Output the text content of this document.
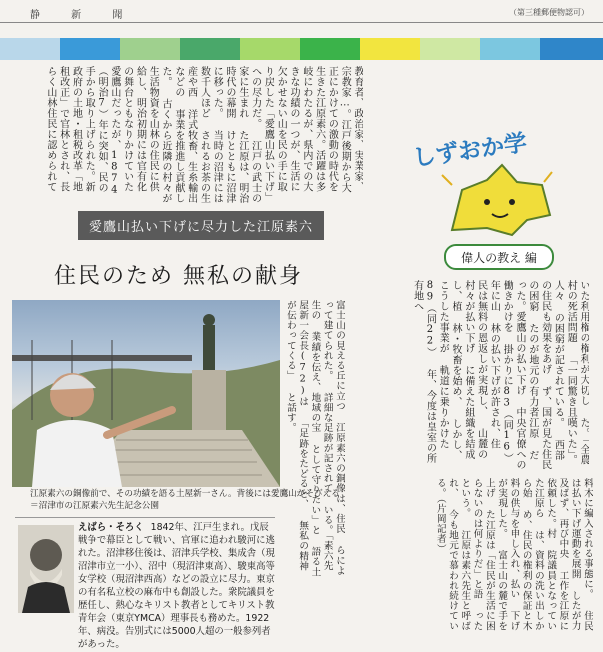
静 新 聞	（第三種郵便物認可）
教育者、政治家、実業家、 宗教家…。江戸後期から大 正にかけての激動の時代を 生きた江原素六。活躍は多 岐にわたるが、県内での大 きな功績の一つが、生活に 欠かせない山を民の手に取 り戻した「愛鷹山払い下げ」 への尽力だ。 江戸の武士の家に生まれ た江原は、明治時代の幕開 けとともに沼津に移った。 当時の沼津には数千人ほど されるお茶の生産や西 洋式牧畜、生糸輸出などの 事業を推進し貢献した。 古くから近隣の村々が 生活物資を山林の住民に供 給し、明治初期には官有化 の舞台ともなりかけていた 愛鷹山だったが、1874 （明治7）年に突如、民の 手から取り上げられた。新 政府の土地・租税改革「地 租改正」で官林とされ、長 らく山林住民に認められて
愛鷹山払い下げに尽力した江原素六
しずおか学
偉人の教え 編
いた利用権の権利が大切し た。「全農村の死活問題 「一同驚き且嘆いた」。人々 の困窮が記されている。 西部の住民も効果をあげ ず、国が見た住民の困窮 たのが地元の有力者江原 だった。愛鷹山の払い下げ 中央官僚への働きかけを 掛かりに83（同16）年に山 林の払い下げが許され、住 民は無料の恩返しが実現し、 山麓の村々が払い下げ に備えた組織を結成し、植 林・牧畜を始め、 しかし、こうした事業が 軌道に乗りかけた89（同22） 年、今度は皇室の所有地へ
料木に編入される事態に。 住民は払い下げ運動を展開 したが力及ばず、再び中央 工作を江原に依頼した。村 院議員となっていた江原ら は、資料の洗い出しから始 め、住民の権利の保証と木 料の供与を申し入れ、払い 下げが実現した。 富士山の麓で手を上げ た江原は「住民が生活に困 らないのは何よりだ」と語 ったという。 江原は素六先生と呼ばれ、 今も地元で慕われ続けてい る。（片岡記者）
富士山の見える丘に立つ 江原素六の銅像は、住民 らによって建てられた。 詳細な足跡が記されて いる。「素六先生の 業績を伝え、地域の宝 として守りたい」と 語る土屋新一会長(72)は 「足跡をたどると、 無私の精神が伝わってくる」 と話す。
住民のため 無私の献身
江原素六の銅像前で、その功績を語る土屋新一さん。背後には愛鷹山がそびえる＝沼津市の江原素六先生記念公園
えばら・そろく 1842年、江戸生まれ。戊辰戦争で幕臣として戦い、官軍に追われ駿河に逃れた。沼津移住後は、沼津兵学校、集成舎（現沼津市立一小）、沼中（現沼津東高）、駿東高等女学校（現沼津西高）などの設立に尽力。東京の有名私立校の麻布中も創設した。衆院議員を歴任し、熱心なキリスト教者としてキリスト教青年会（東京YMCA）理事長も務めた。1922年、病没。告別式には5000人超の一般参列者があった。
